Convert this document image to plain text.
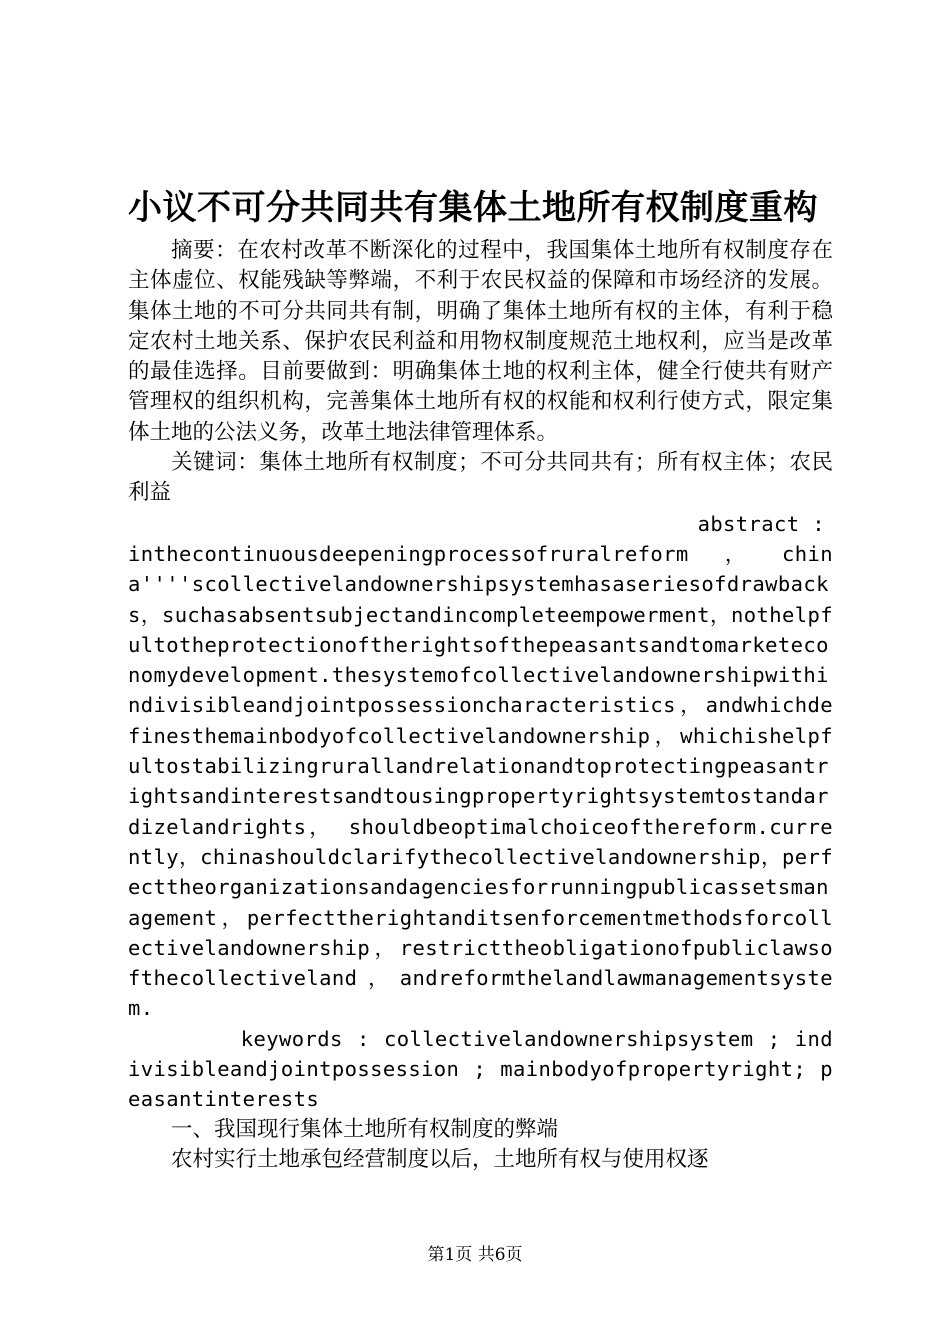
小议不可分共同共有集体土地所有权制度重构

摘要：在农村改革不断深化的过程中，我国集体土地所有权制度存在主体虚位、权能残缺等弊端，不利于农民权益的保障和市场经济的发展。集体土地的不可分共同共有制，明确了集体土地所有权的主体，有利于稳定农村土地关系、保护农民利益和用物权制度规范土地权利，应当是改革的最佳选择。目前要做到：明确集体土地的权利主体，健全行使共有财产管理权的组织机构，完善集体土地所有权的权能和权利行使方式，限定集体土地的公法义务，改革土地法律管理体系。

关键词：集体土地所有权制度；不可分共同共有；所有权主体；农民利益

abstract :

inthecontinuousdeepeningprocessofruralreform，china''''scollectivelandownershipsystemhasaseriesofdrawbacks，suchasabsentsubjectandincompleteempowerment，nothelpfultotheprotectionoftherightsofthepeasantsandtomarketeconomydevelopment.thesystemofcollectivelandownershipwithindivisibleandjointpossessioncharacteristics，andwhichdefinesthemainbodyofcollectivelandownership，whichishelpfultostabilizingrurallandrelationandtoprotectingpeasantrightsandinterestsandtousingpropertyrightsystemtostandardizelandrights， shouldbeoptimalchoiceofthereform.currently，chinashouldclarifythecollectivelandownership，perfecttheorganizationsandagenciesforrunningpublicassetsmanagement，perfecttherightanditsenforcementmethodsforcollectivelandownership，restricttheobligationofpubliclawsofthecollectiveland，andreformthelandlawmanagementsystem.

keywords : collectivelandownershipsystem ; indivisibleandjointpossession ; mainbodyofpropertyright; peasantinterests

一、我国现行集体土地所有权制度的弊端

农村实行土地承包经营制度以后，土地所有权与使用权逐

第1页 共6页
